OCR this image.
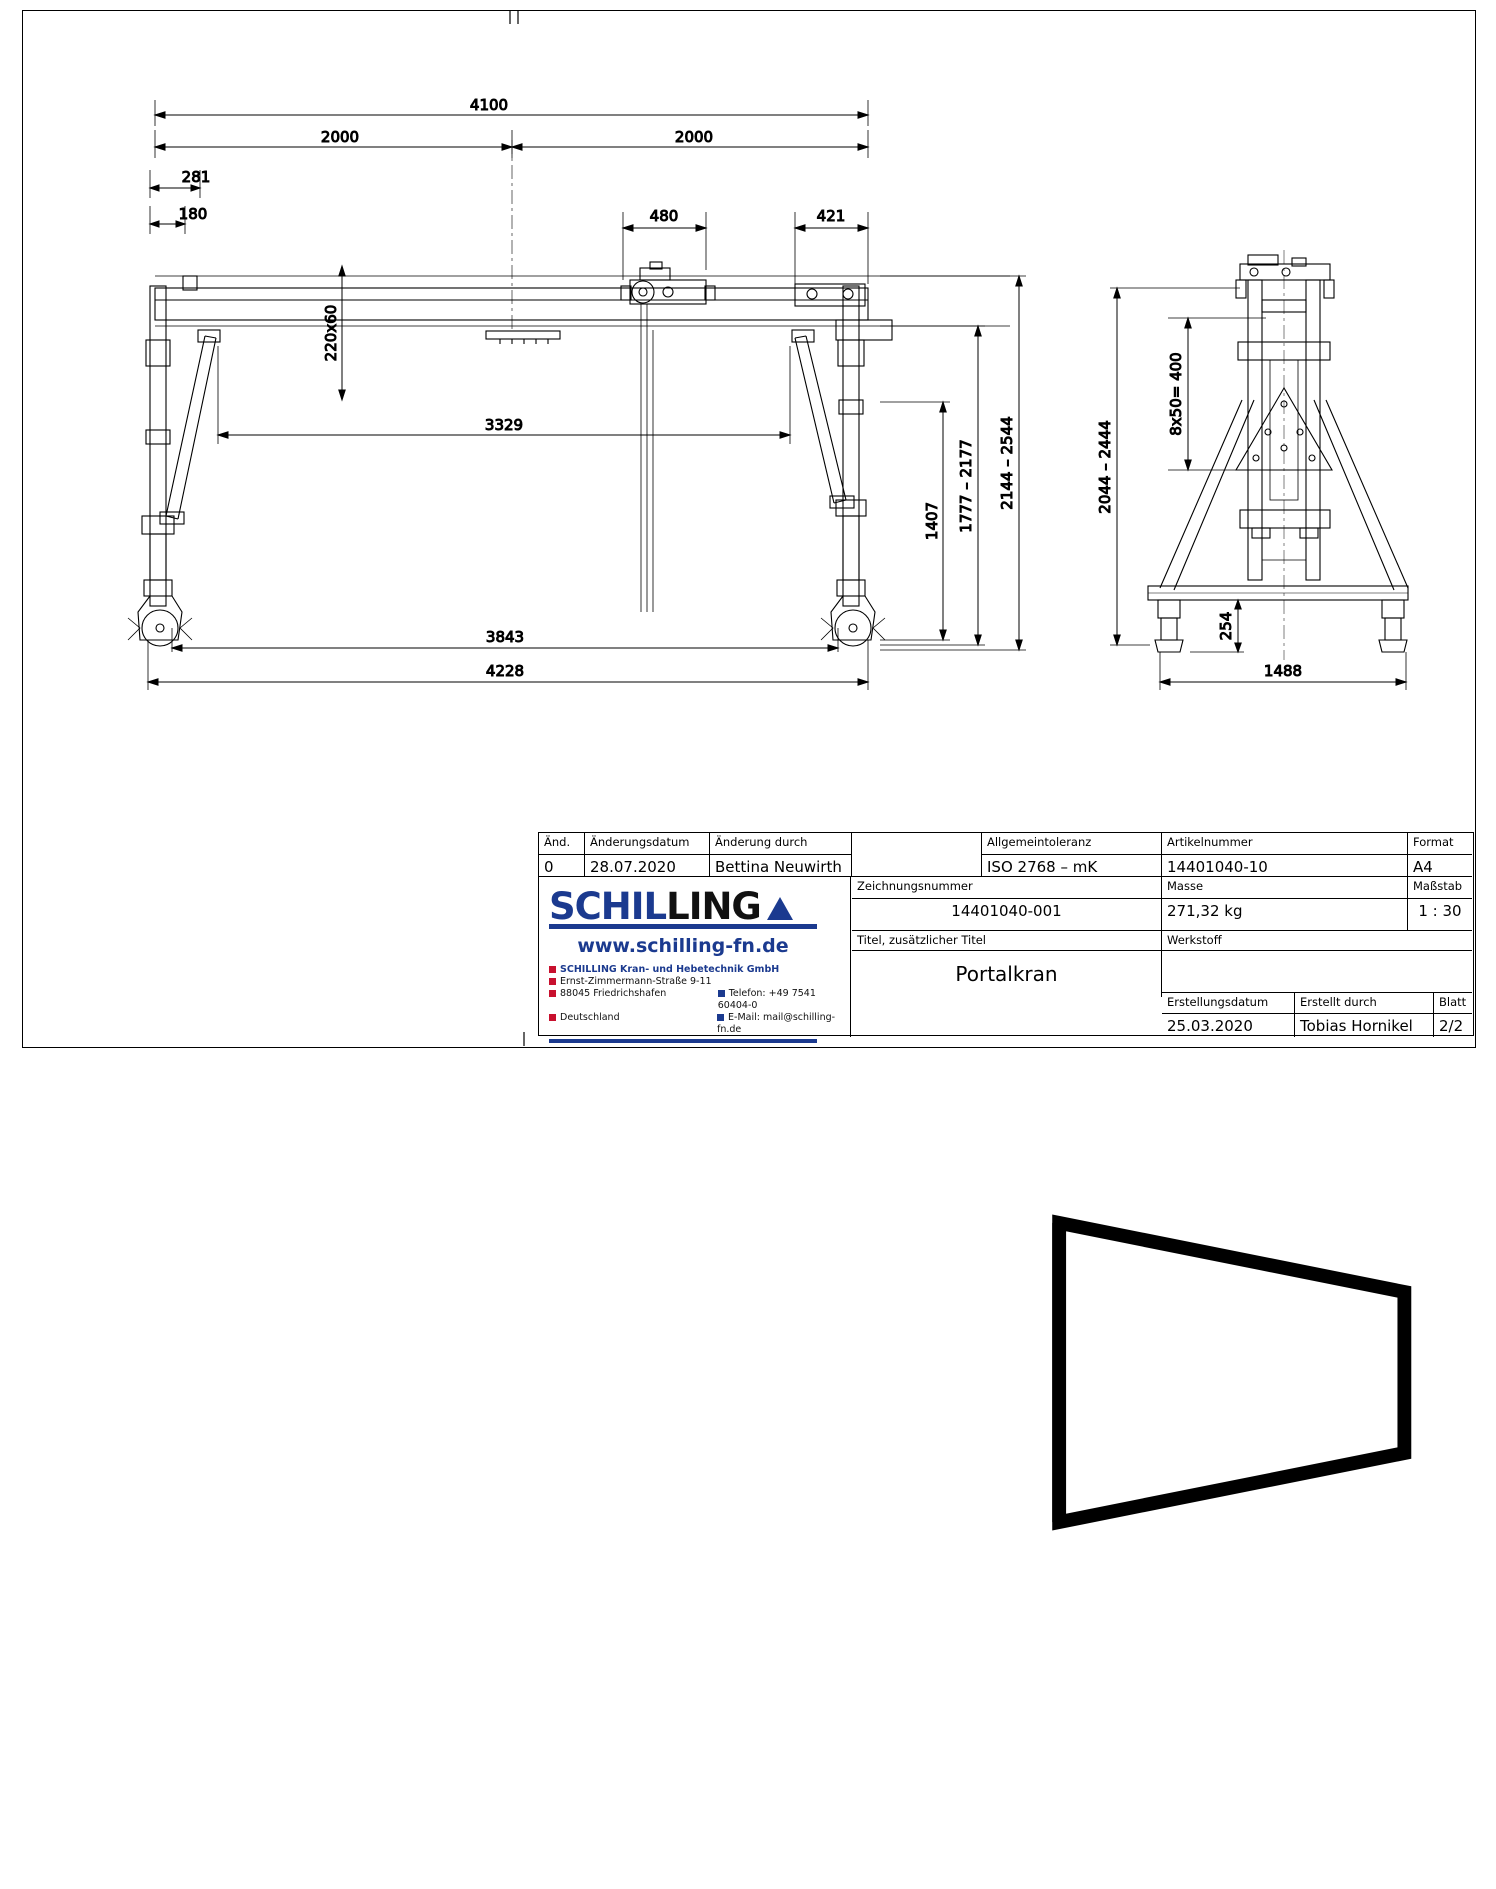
4100
2000	2000
281
180	480	421
220x60
3329
3843
4228
1407 1777 – 2177 2144 – 2544	2044 – 2444
8x50= 400
254
1488
Änd.	Änderungsdatum	Änderung durch	Allgemeintoleranz	Artikelnummer	Format
0	28.07.2020	Bettina Neuwirth	ISO 2768 – mK	14401040-10	A4
Zeichnungsnummer	Masse	Maßstab
14401040-001	271,32 kg	1 : 30
Titel, zusätzlicher Titel	Werkstoff
Portalkran
Erstellungsdatum	Erstellt durch	Blatt
25.03.2020	Tobias Hornikel	2/2
SCHIL LING
www.schilling-fn.de
SCHILLING Kran- und Hebetechnik GmbH
Ernst-Zimmermann-Straße 9-11
88045 Friedrichshafen	Telefon: +49 7541 60404-0
Deutschland	E-Mail: mail@schilling-fn.de
